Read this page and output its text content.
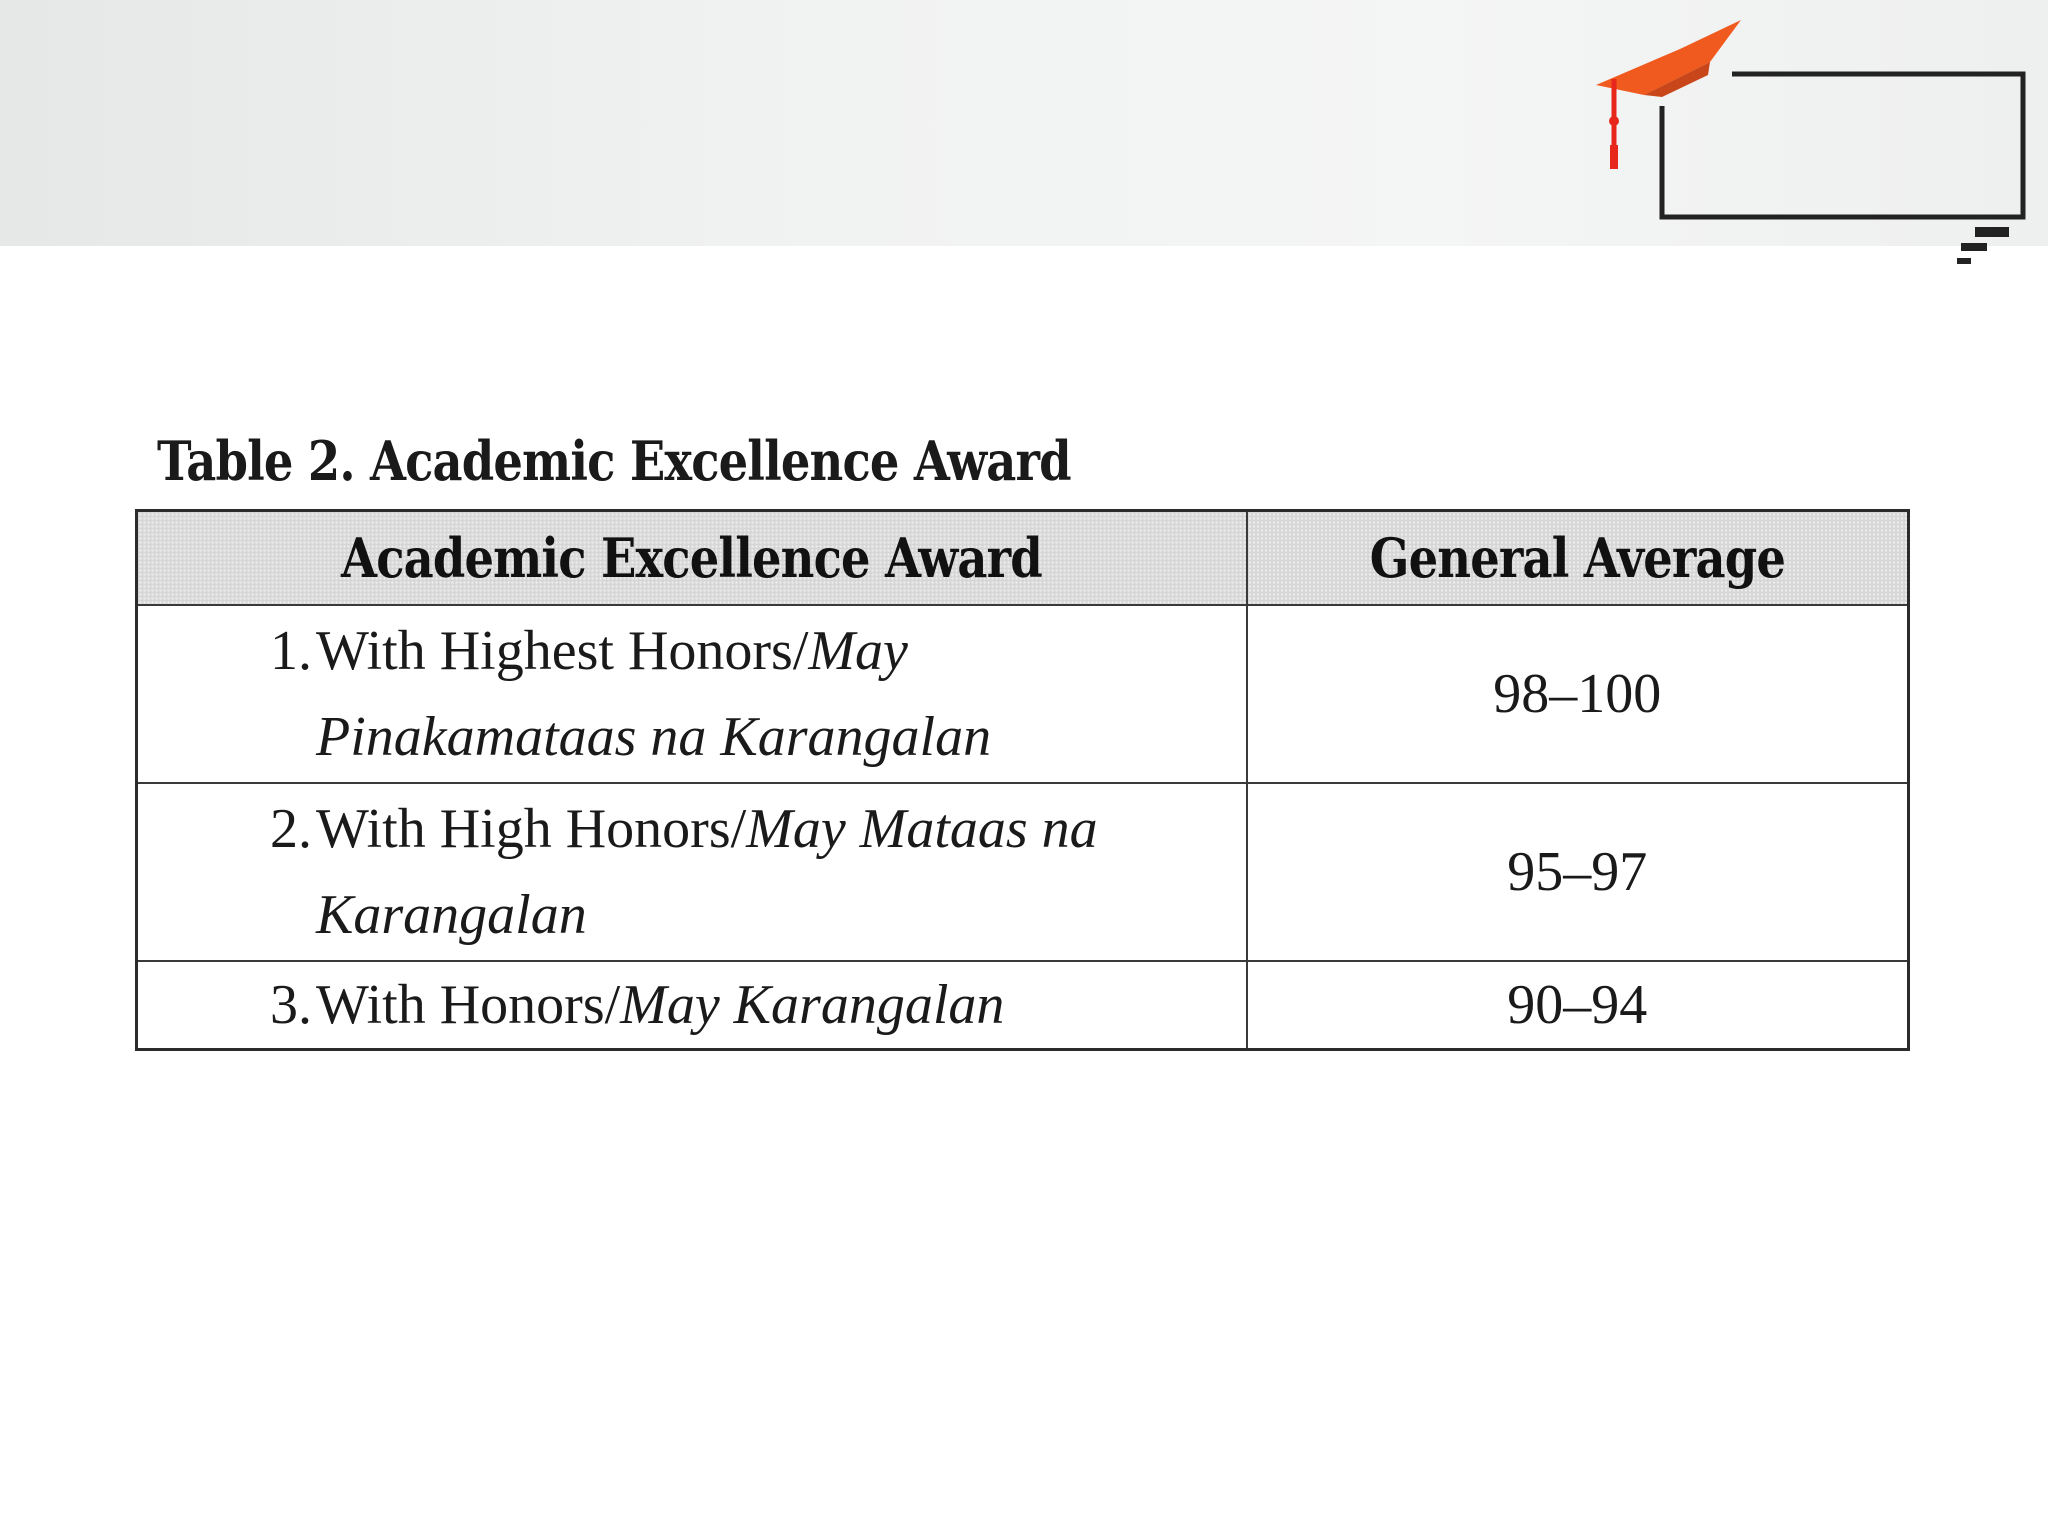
Table 2. Academic Excellence Award
Academic Excellence Award	General Average

1. With Highest Honors/May Pinakamataas na Karangalan	98–100

2. With High Honors/May Mataas na Karangalan	95–97

3. With Honors/May Karangalan	90–94
